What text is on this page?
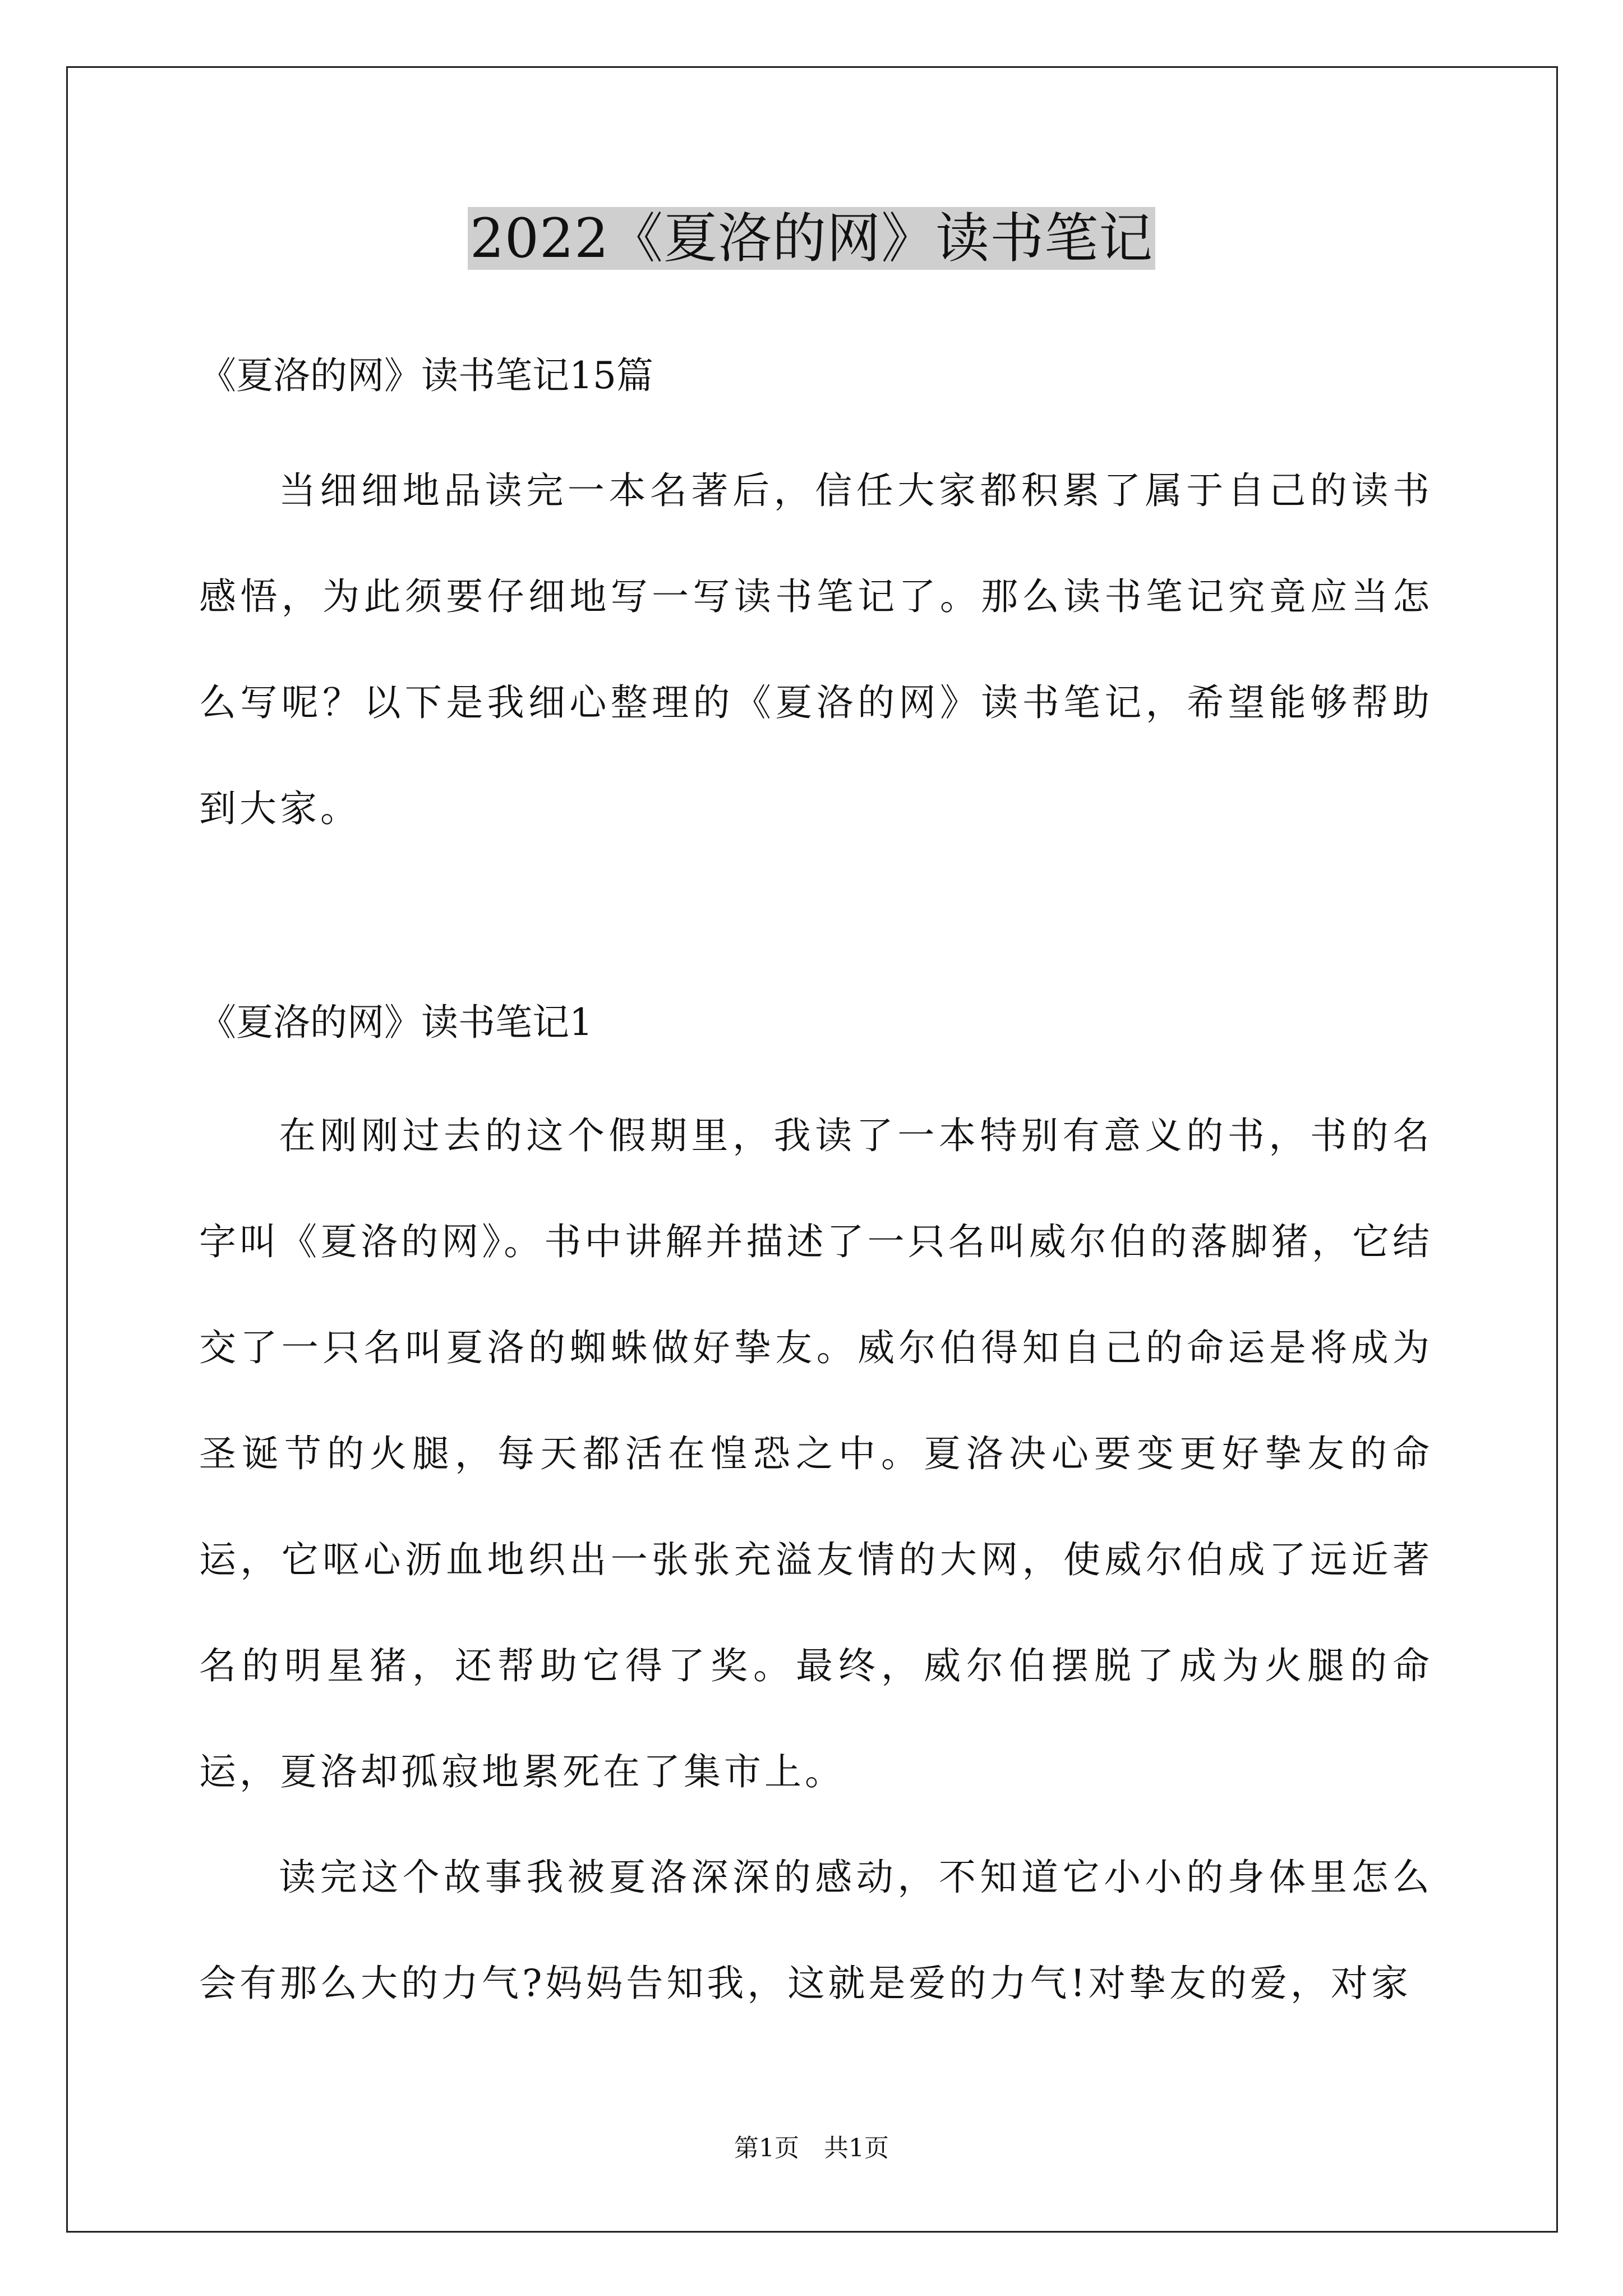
2022《夏洛的网》读书笔记
《夏洛的网》读书笔记15篇
当细细地品读完一本名著后，信任大家都积累了属于自己的读书感悟，为此须要仔细地写一写读书笔记了。那么读书笔记究竟应当怎么写呢？以下是我细心整理的《夏洛的网》读书笔记，希望能够帮助到大家。
《夏洛的网》读书笔记1
在刚刚过去的这个假期里，我读了一本特别有意义的书，书的名字叫《夏洛的网》。书中讲解并描述了一只名叫威尔伯的落脚猪，它结交了一只名叫夏洛的蜘蛛做好挚友。威尔伯得知自己的命运是将成为圣诞节的火腿，每天都活在惶恐之中。夏洛决心要变更好挚友的命运，它呕心沥血地织出一张张充溢友情的大网，使威尔伯成了远近著名的明星猪，还帮助它得了奖。最终，威尔伯摆脱了成为火腿的命运，夏洛却孤寂地累死在了集市上。
读完这个故事我被夏洛深深的感动，不知道它小小的身体里怎么会有那么大的力气?妈妈告知我，这就是爱的力气!对挚友的爱，对家
第1页　共1页
